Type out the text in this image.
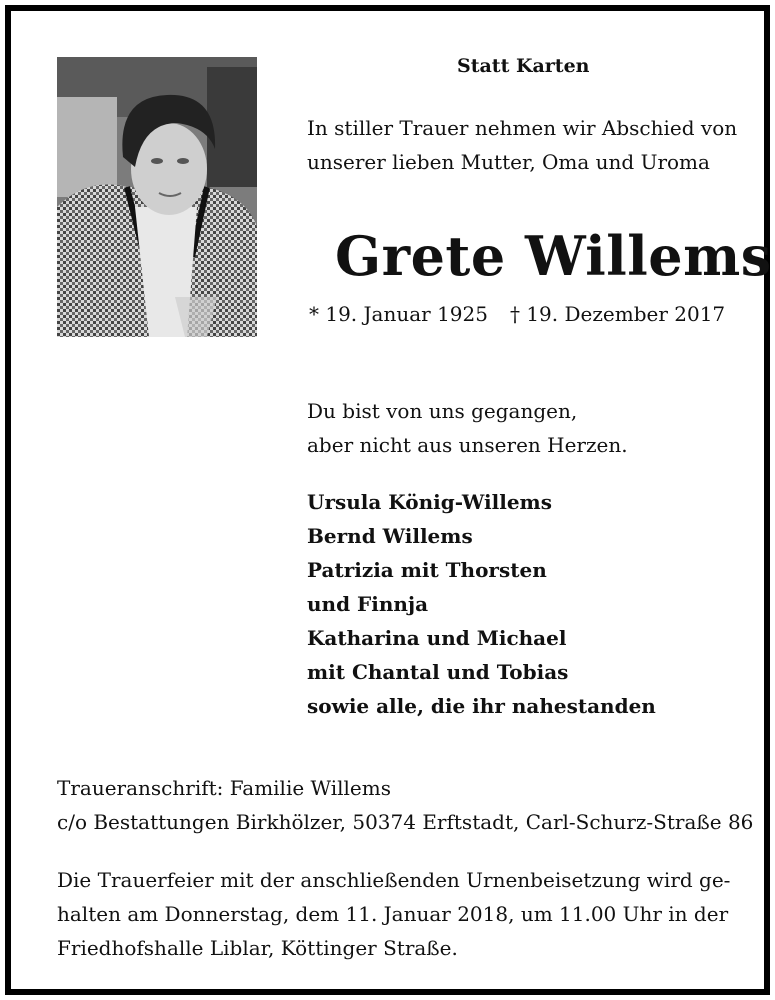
Statt Karten
In stiller Trauer nehmen wir Abschied von
unserer lieben Mutter, Oma und Uroma
Grete Willems
* 19. Januar 1925 † 19. Dezember 2017
Du bist von uns gegangen,
aber nicht aus unseren Herzen.
Ursula König-Willems
Bernd Willems
Patrizia mit Thorsten
und Finnja
Katharina und Michael
mit Chantal und Tobias
sowie alle, die ihr nahestanden
Traueranschrift: Familie Willems
c/o Bestattungen Birkhölzer, 50374 Erftstadt, Carl-Schurz-Straße 86
Die Trauerfeier mit der anschließenden Urnenbeisetzung wird ge-
halten am Donnerstag, dem 11. Januar 2018, um 11.00 Uhr in der
Friedhofshalle Liblar, Köttinger Straße.
